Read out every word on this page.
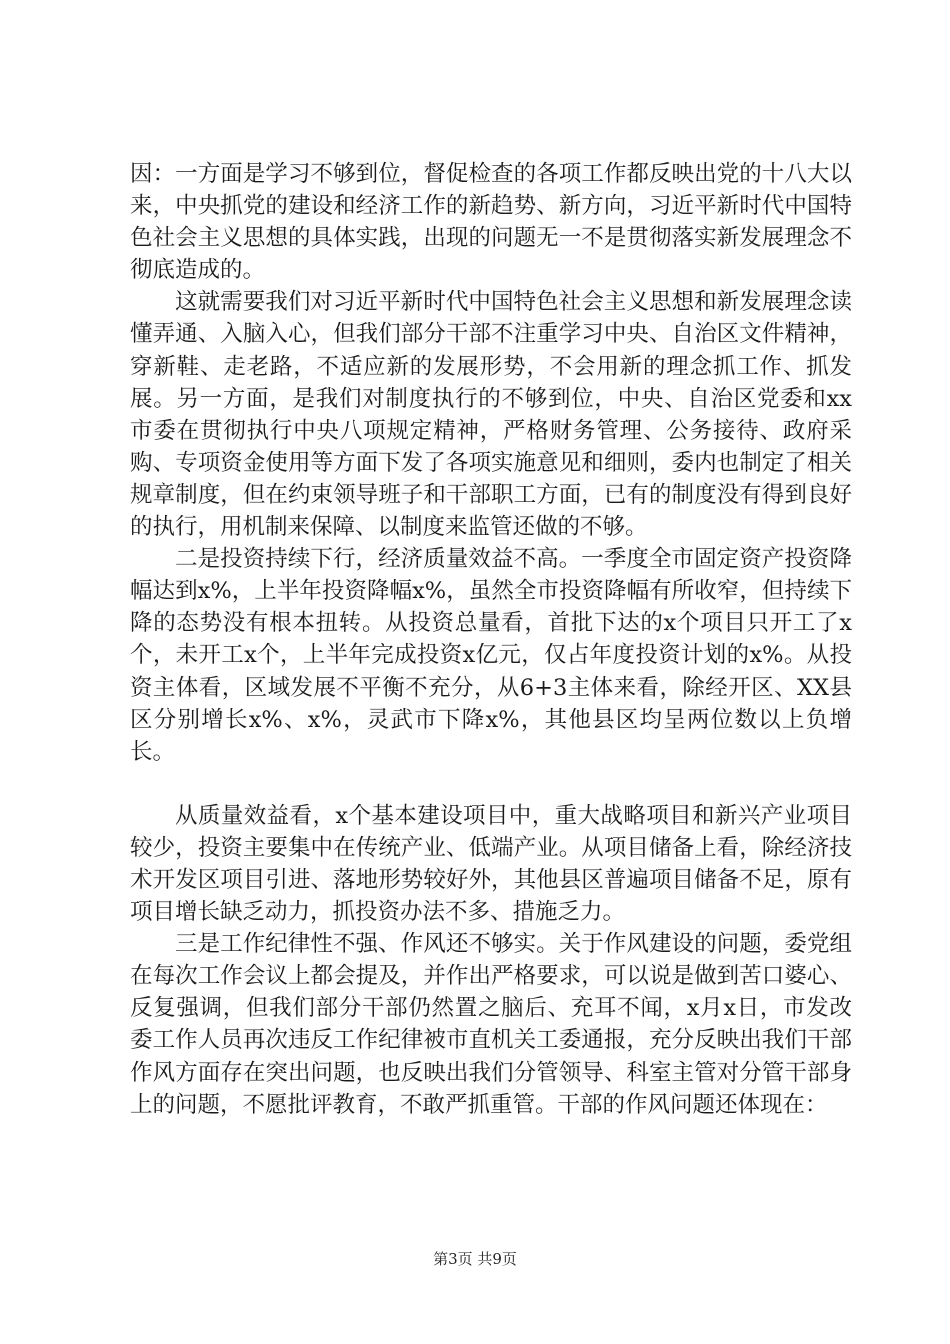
因：一方面是学习不够到位，督促检查的各项工作都反映出党的十八大以来，中央抓党的建设和经济工作的新趋势、新方向，习近平新时代中国特色社会主义思想的具体实践，出现的问题无一不是贯彻落实新发展理念不彻底造成的。

这就需要我们对习近平新时代中国特色社会主义思想和新发展理念读懂弄通、入脑入心，但我们部分干部不注重学习中央、自治区文件精神，穿新鞋、走老路，不适应新的发展形势，不会用新的理念抓工作、抓发展。另一方面，是我们对制度执行的不够到位，中央、自治区党委和xx市委在贯彻执行中央八项规定精神，严格财务管理、公务接待、政府采购、专项资金使用等方面下发了各项实施意见和细则，委内也制定了相关规章制度，但在约束领导班子和干部职工方面，已有的制度没有得到良好的执行，用机制来保障、以制度来监管还做的不够。

二是投资持续下行，经济质量效益不高。一季度全市固定资产投资降幅达到x%，上半年投资降幅x%，虽然全市投资降幅有所收窄，但持续下降的态势没有根本扭转。从投资总量看，首批下达的x个项目只开工了x个，未开工x个，上半年完成投资x亿元，仅占年度投资计划的x%。从投资主体看，区域发展不平衡不充分，从6+3主体来看，除经开区、XX县区分别增长x%、x%，灵武市下降x%，其他县区均呈两位数以上负增长。

从质量效益看，x个基本建设项目中，重大战略项目和新兴产业项目较少，投资主要集中在传统产业、低端产业。从项目储备上看，除经济技术开发区项目引进、落地形势较好外，其他县区普遍项目储备不足，原有项目增长缺乏动力，抓投资办法不多、措施乏力。

三是工作纪律性不强、作风还不够实。关于作风建设的问题，委党组在每次工作会议上都会提及，并作出严格要求，可以说是做到苦口婆心、反复强调，但我们部分干部仍然置之脑后、充耳不闻，x月x日，市发改委工作人员再次违反工作纪律被市直机关工委通报，充分反映出我们干部作风方面存在突出问题，也反映出我们分管领导、科室主管对分管干部身上的问题，不愿批评教育，不敢严抓重管。干部的作风问题还体现在：

第3页 共9页
